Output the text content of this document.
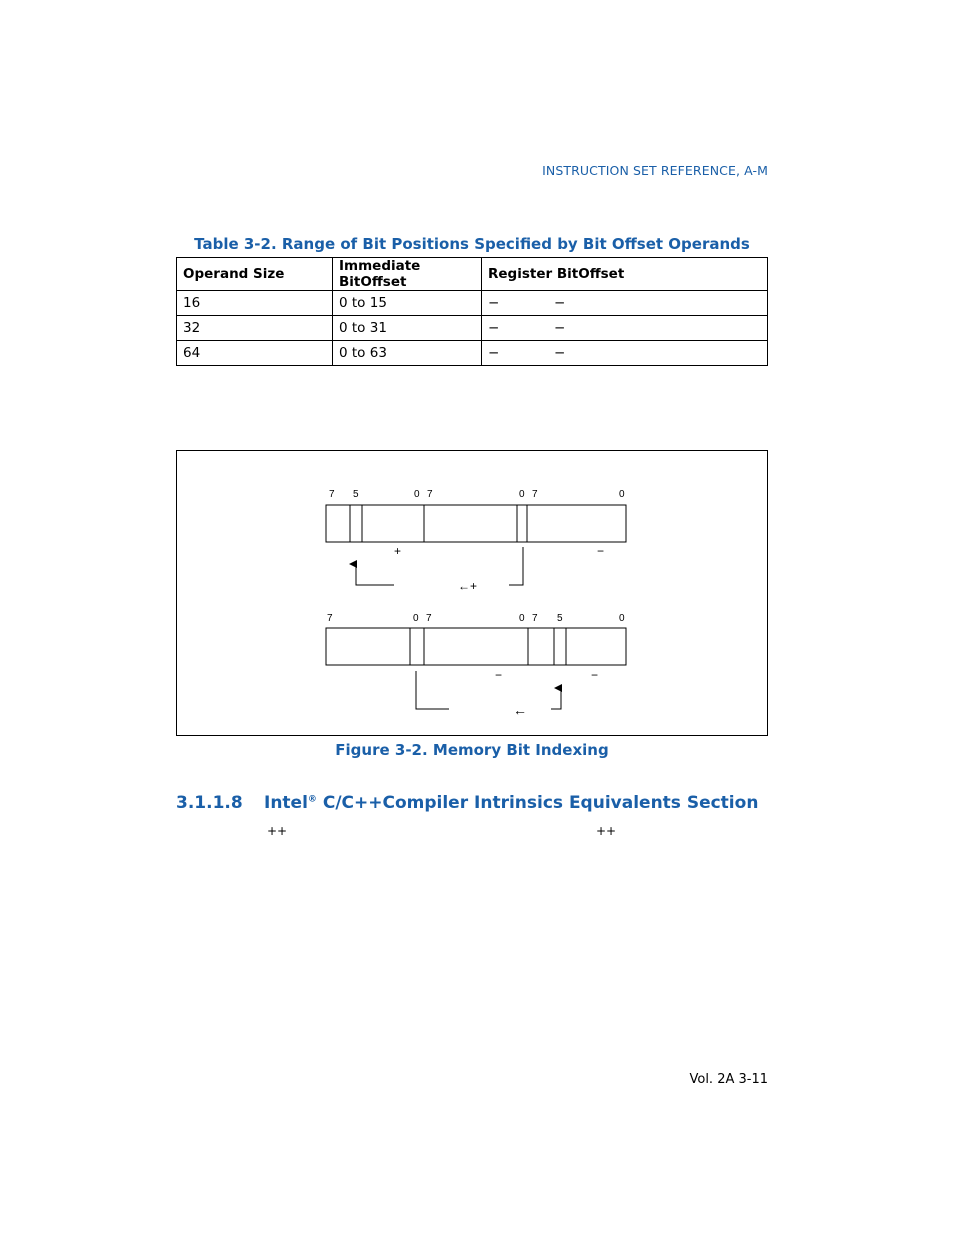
INSTRUCTION SET REFERENCE, A-M
Table 3-2. Range of Bit Positions Specified by Bit Offset Operands
Operand Size	Immediate BitOffset	Register BitOffset
16	0 to 15	− −
32	0 to 31	− −
64	0 to 63	− −
7 5	0 7	0 7	0
+	−
←+
7	0 7	0 7 5	0
−	−
←
Figure 3-2. Memory Bit Indexing
3.1.1.8 Intel® C/C++Compiler Intrinsics Equivalents Section
++	++
Vol. 2A 3-11
